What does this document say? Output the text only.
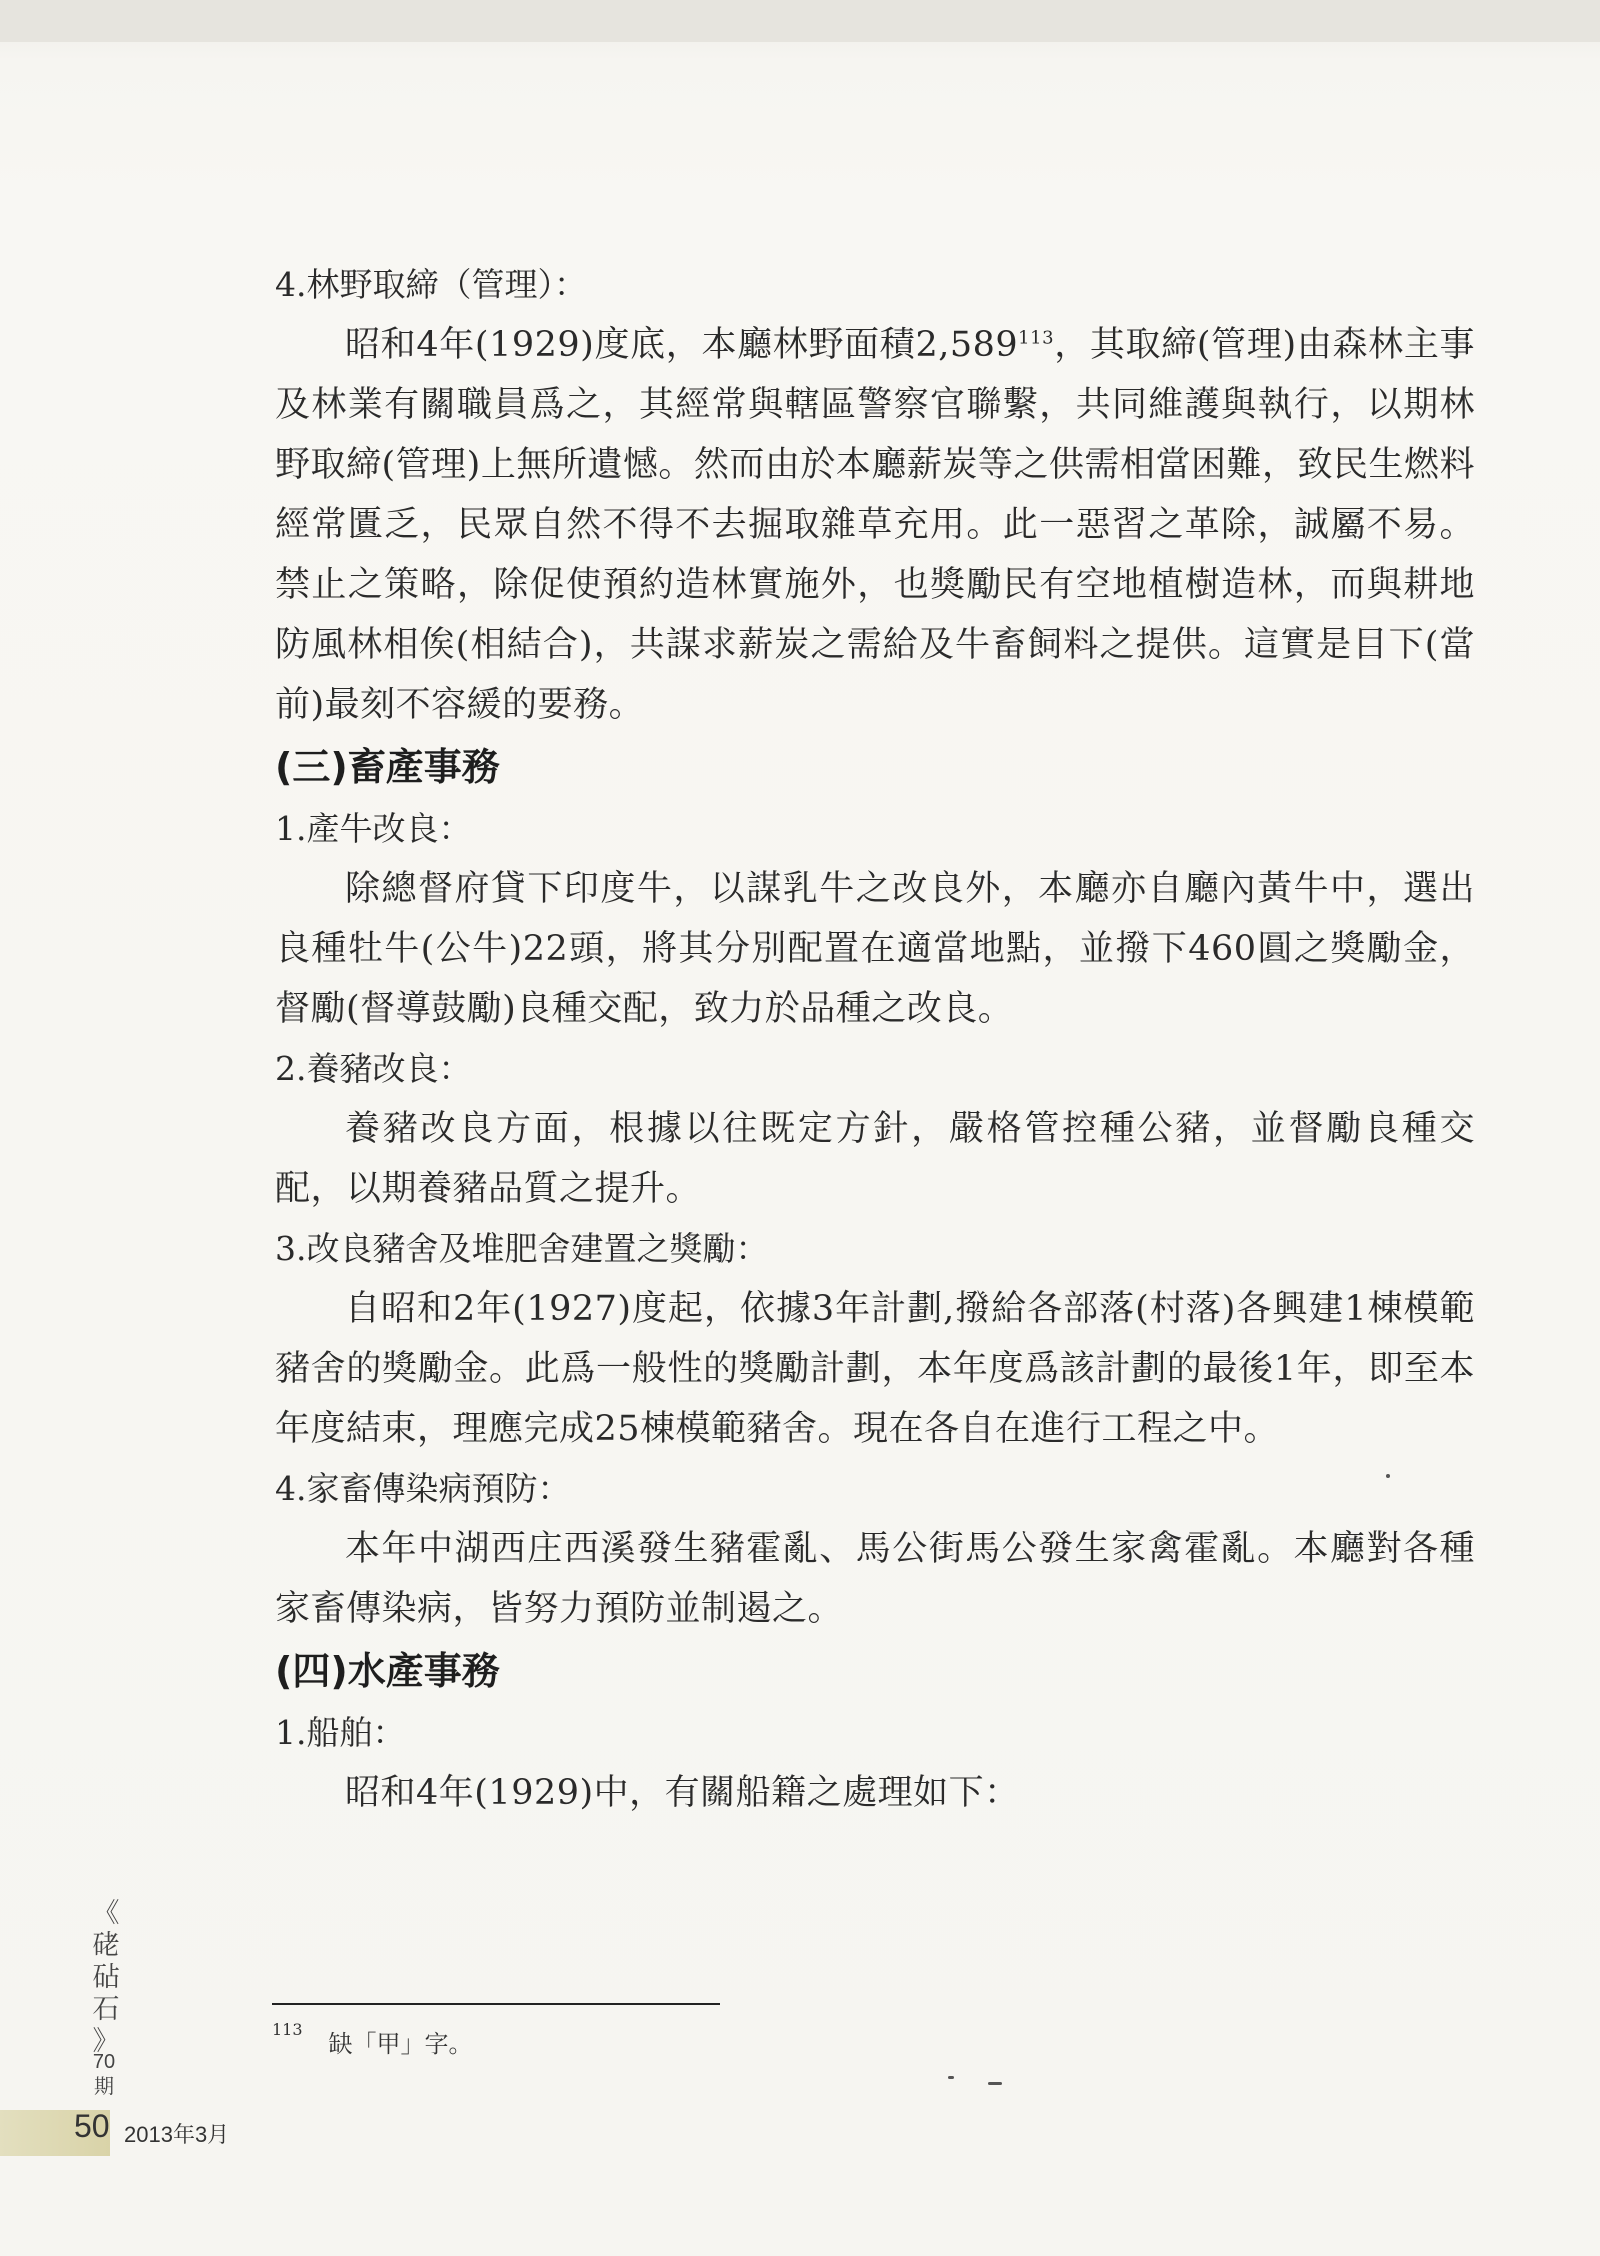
4.林野取締（管理）：

昭和4年(1929)度底，本廳林野面積2,589$^{113}$，其取締(管理)由森林主事及林業有關職員爲之，其經常與轄區警察官聯繫，共同維護與執行，以期林野取締(管理)上無所遺憾。然而由於本廳薪炭等之供需相當困難，致民生燃料經常匱乏，民眾自然不得不去掘取雜草充用。此一惡習之革除，誠屬不易。禁止之策略，除促使預約造林實施外，也獎勵民有空地植樹造林，而與耕地防風林相俟(相結合)，共謀求薪炭之需給及牛畜飼料之提供。這實是目下(當前)最刻不容緩的要務。

(三)畜產事務

1.產牛改良：

除總督府貸下印度牛，以謀乳牛之改良外，本廳亦自廳內黃牛中，選出良種牡牛(公牛)22頭，將其分別配置在適當地點，並撥下460圓之獎勵金，督勵(督導鼓勵)良種交配，致力於品種之改良。

2.養豬改良：

養豬改良方面，根據以往既定方針，嚴格管控種公豬，並督勵良種交配，以期養豬品質之提升。

3.改良豬舍及堆肥舍建置之獎勵：

自昭和2年(1927)度起，依據3年計劃,撥給各部落(村落)各興建1棟模範豬舍的獎勵金。此爲一般性的獎勵計劃，本年度爲該計劃的最後1年，即至本年度結束，理應完成25棟模範豬舍。現在各自在進行工程之中。

4.家畜傳染病預防：

本年中湖西庄西溪發生豬霍亂、馬公街馬公發生家禽霍亂。本廳對各種家畜傳染病，皆努力預防並制遏之。

(四)水產事務

1.船舶：

昭和4年(1929)中，有關船籍之處理如下：

$^{113}$缺「甲」字。
《
硓
砧
石
》
70
期
50 2013年3月
